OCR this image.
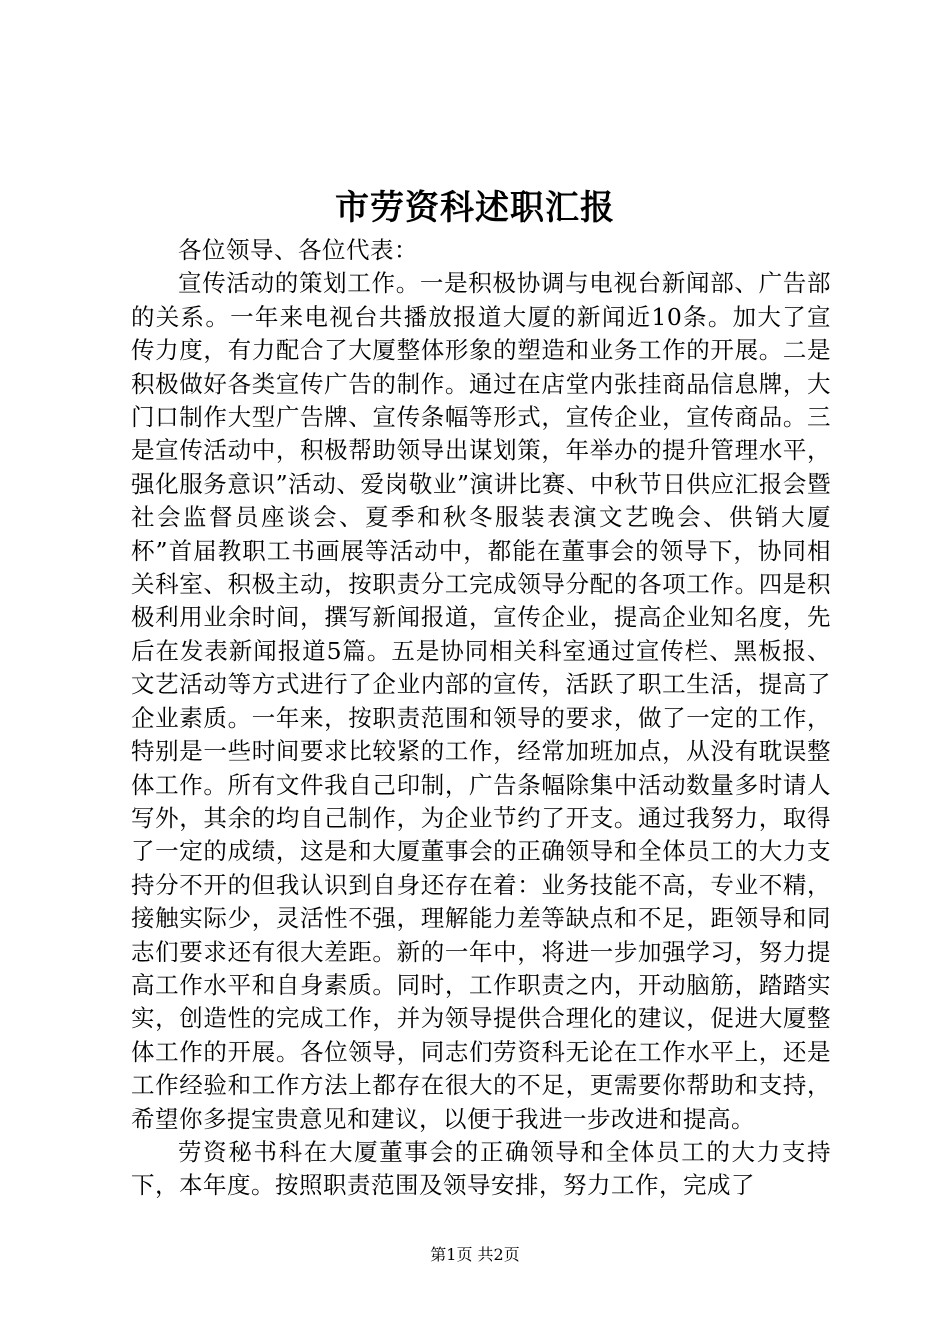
市劳资科述职汇报

各位领导、各位代表：

宣传活动的策划工作。一是积极协调与电视台新闻部、广告部的关系。一年来电视台共播放报道大厦的新闻近10条。加大了宣传力度，有力配合了大厦整体形象的塑造和业务工作的开展。二是积极做好各类宣传广告的制作。通过在店堂内张挂商品信息牌，大门口制作大型广告牌、宣传条幅等形式，宣传企业，宣传商品。三是宣传活动中，积极帮助领导出谋划策，年举办的提升管理水平，强化服务意识”活动、爱岗敬业”演讲比赛、中秋节日供应汇报会暨社会监督员座谈会、夏季和秋冬服装表演文艺晚会、供销大厦杯”首届教职工书画展等活动中，都能在董事会的领导下，协同相关科室、积极主动，按职责分工完成领导分配的各项工作。四是积极利用业余时间，撰写新闻报道，宣传企业，提高企业知名度，先后在发表新闻报道5篇。五是协同相关科室通过宣传栏、黑板报、文艺活动等方式进行了企业内部的宣传，活跃了职工生活，提高了企业素质。一年来，按职责范围和领导的要求，做了一定的工作，特别是一些时间要求比较紧的工作，经常加班加点，从没有耽误整体工作。所有文件我自己印制，广告条幅除集中活动数量多时请人写外，其余的均自己制作，为企业节约了开支。通过我努力，取得了一定的成绩，这是和大厦董事会的正确领导和全体员工的大力支持分不开的但我认识到自身还存在着：业务技能不高，专业不精，接触实际少，灵活性不强，理解能力差等缺点和不足，距领导和同志们要求还有很大差距。新的一年中，将进一步加强学习，努力提高工作水平和自身素质。同时，工作职责之内，开动脑筋，踏踏实实，创造性的完成工作，并为领导提供合理化的建议，促进大厦整体工作的开展。各位领导，同志们劳资科无论在工作水平上，还是工作经验和工作方法上都存在很大的不足，更需要你帮助和支持，希望你多提宝贵意见和建议，以便于我进一步改进和提高。

劳资秘书科在大厦董事会的正确领导和全体员工的大力支持下，本年度。按照职责范围及领导安排，努力工作，完成了

第1页 共2页
